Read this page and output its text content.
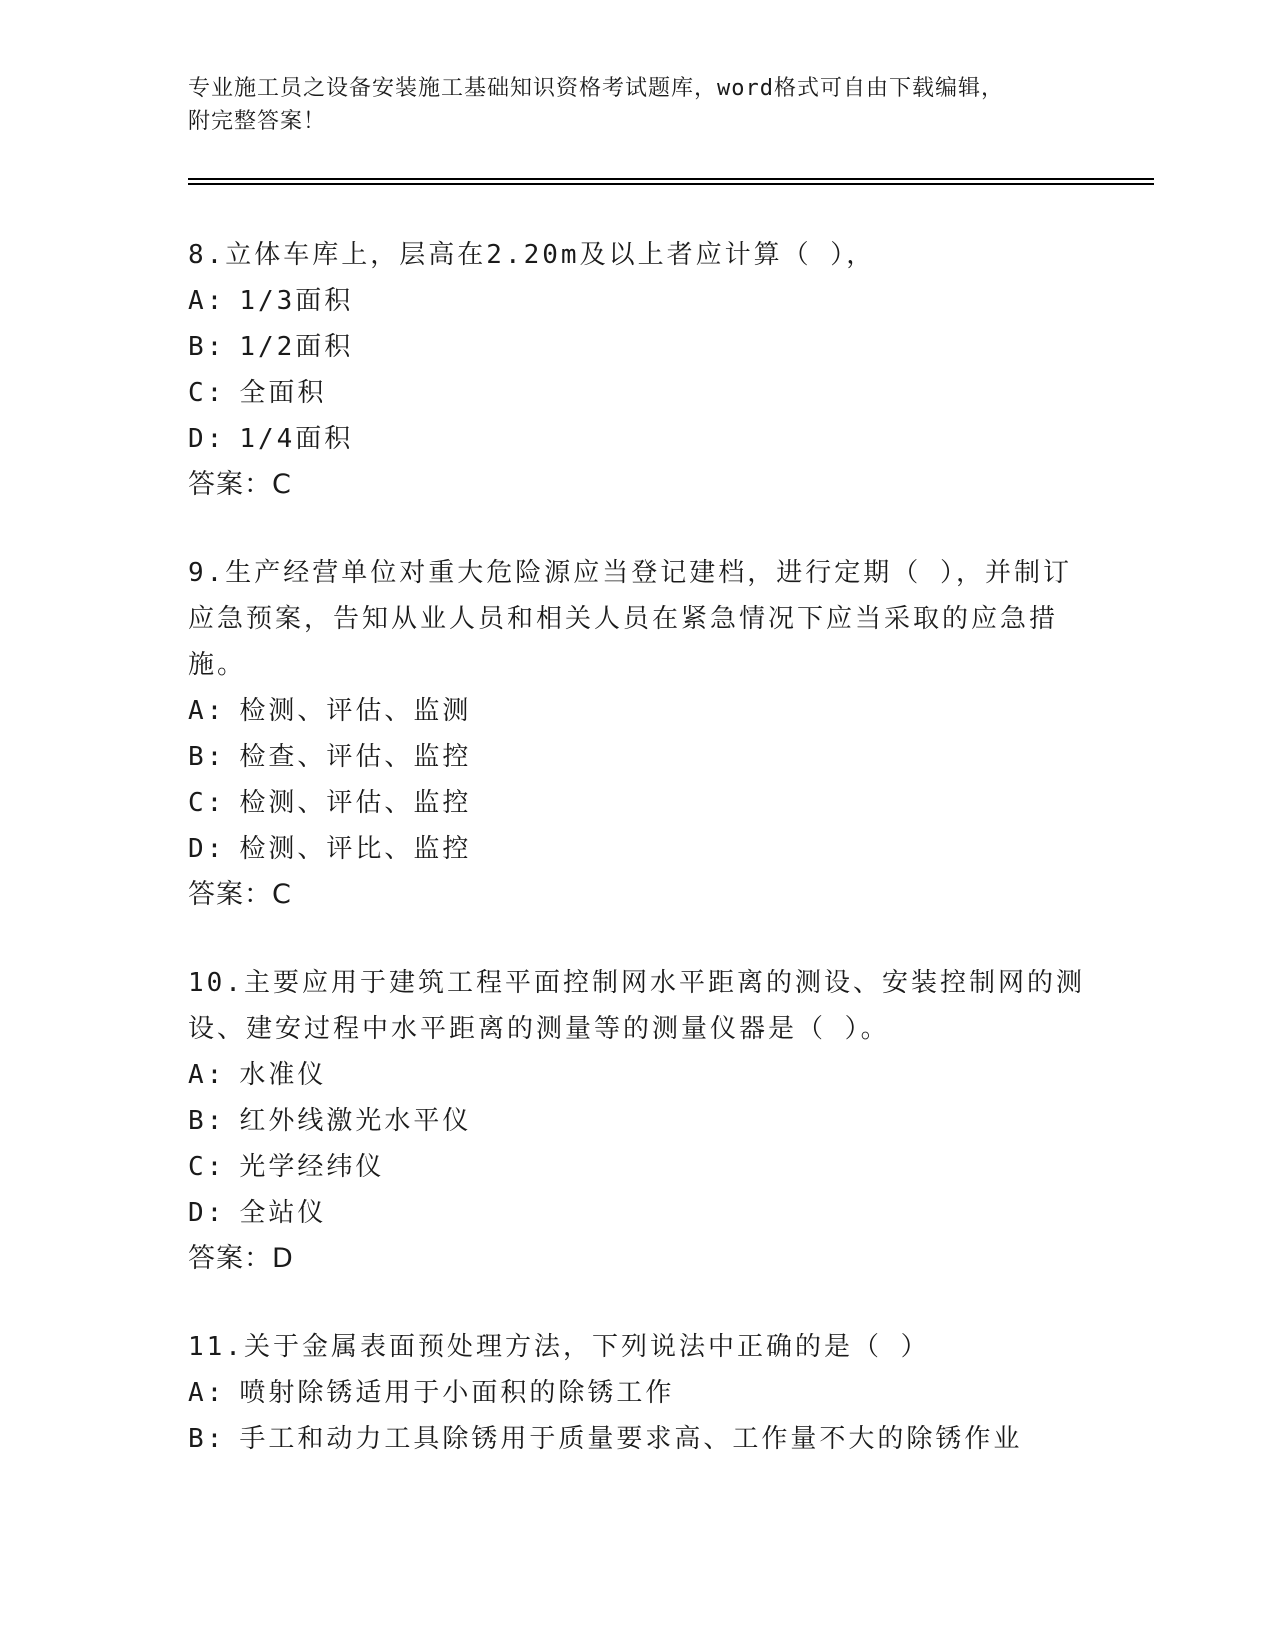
专业施工员之设备安装施工基础知识资格考试题库，word格式可自由下载编辑，
附完整答案！
8.立体车库上，层高在2.20m及以上者应计算（ ），
A: 1/3面积
B: 1/2面积
C: 全面积
D: 1/4面积
答案：C
9.生产经营单位对重大危险源应当登记建档，进行定期（ ），并制订应急预案，告知从业人员和相关人员在紧急情况下应当采取的应急措施。
A: 检测、评估、监测
B: 检查、评估、监控
C: 检测、评估、监控
D: 检测、评比、监控
答案：C
10.主要应用于建筑工程平面控制网水平距离的测设、安装控制网的测设、建安过程中水平距离的测量等的测量仪器是（ ）。
A: 水准仪
B: 红外线激光水平仪
C: 光学经纬仪
D: 全站仪
答案：D
11.关于金属表面预处理方法，下列说法中正确的是（ ）
A: 喷射除锈适用于小面积的除锈工作
B: 手工和动力工具除锈用于质量要求高、工作量不大的除锈作业
